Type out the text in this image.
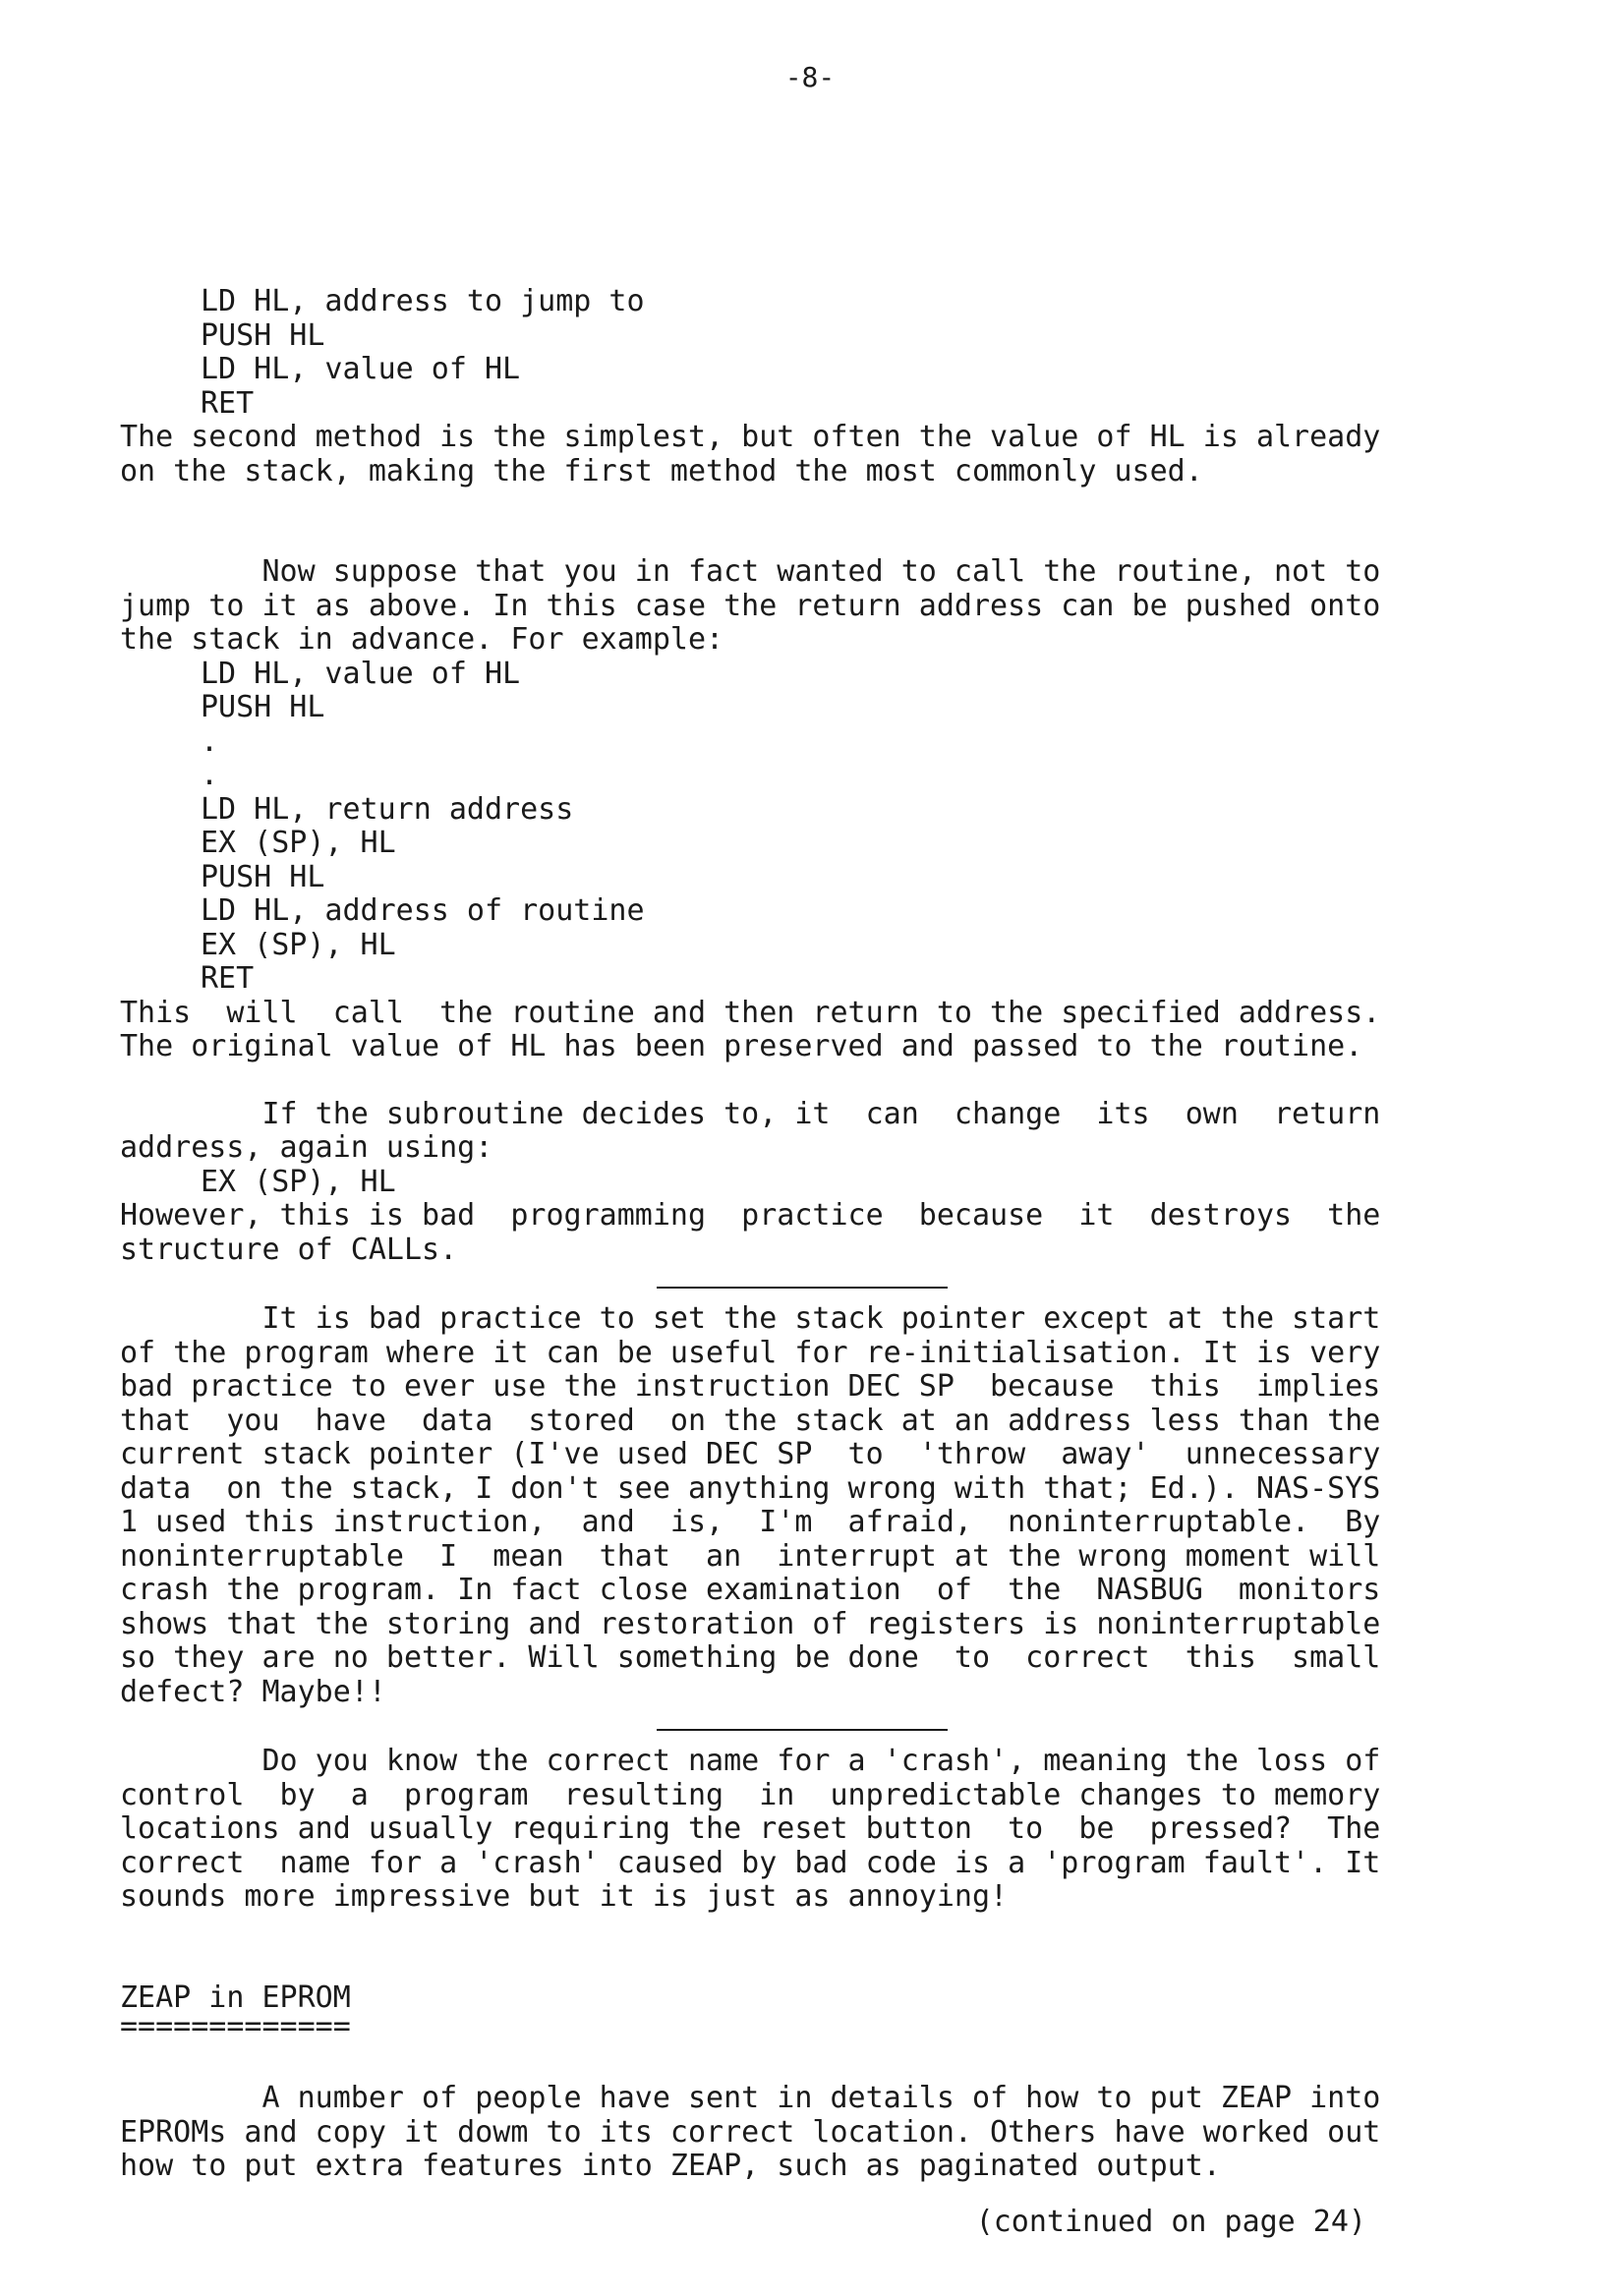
-8-
LD HL, address to jump to
PUSH HL
LD HL, value of HL
RET
The second method is the simplest, but often the value of HL is already
on the stack, making the first method the most commonly used.
Now suppose that you in fact wanted to call the routine, not to
jump to it as above. In this case the return address can be pushed onto
the stack in advance. For example:
LD HL, value of HL
PUSH HL
.
.
LD HL, return address
EX (SP), HL
PUSH HL
LD HL, address of routine
EX (SP), HL
RET
This  will  call  the routine and then return to the specified address.
The original value of HL has been preserved and passed to the routine.
If the subroutine decides to, it  can  change  its  own  return
address, again using:
EX (SP), HL
However, this is bad  programming  practice  because  it  destroys  the
structure of CALLs.
It is bad practice to set the stack pointer except at the start
of the program where it can be useful for re-initialisation. It is very
bad practice to ever use the instruction DEC SP  because  this  implies
that  you  have  data  stored  on the stack at an address less than the
current stack pointer (I've used DEC SP  to  'throw  away'  unnecessary
data  on the stack, I don't see anything wrong with that; Ed.). NAS-SYS
1 used this instruction,  and  is,  I'm  afraid,  noninterruptable.  By
noninterruptable  I  mean  that  an  interrupt at the wrong moment will
crash the program. In fact close examination  of  the  NASBUG  monitors
shows that the storing and restoration of registers is noninterruptable
so they are no better. Will something be done  to  correct  this  small
defect? Maybe!!
Do you know the correct name for a 'crash', meaning the loss of
control  by  a  program  resulting  in  unpredictable changes to memory
locations and usually requiring the reset button  to  be  pressed?  The
correct  name for a 'crash' caused by bad code is a 'program fault'. It
sounds more impressive but it is just as annoying!
ZEAP in EPROM
=============
A number of people have sent in details of how to put ZEAP into
EPROMs and copy it dowm to its correct location. Others have worked out
how to put extra features into ZEAP, such as paginated output.
(continued on page 24)
